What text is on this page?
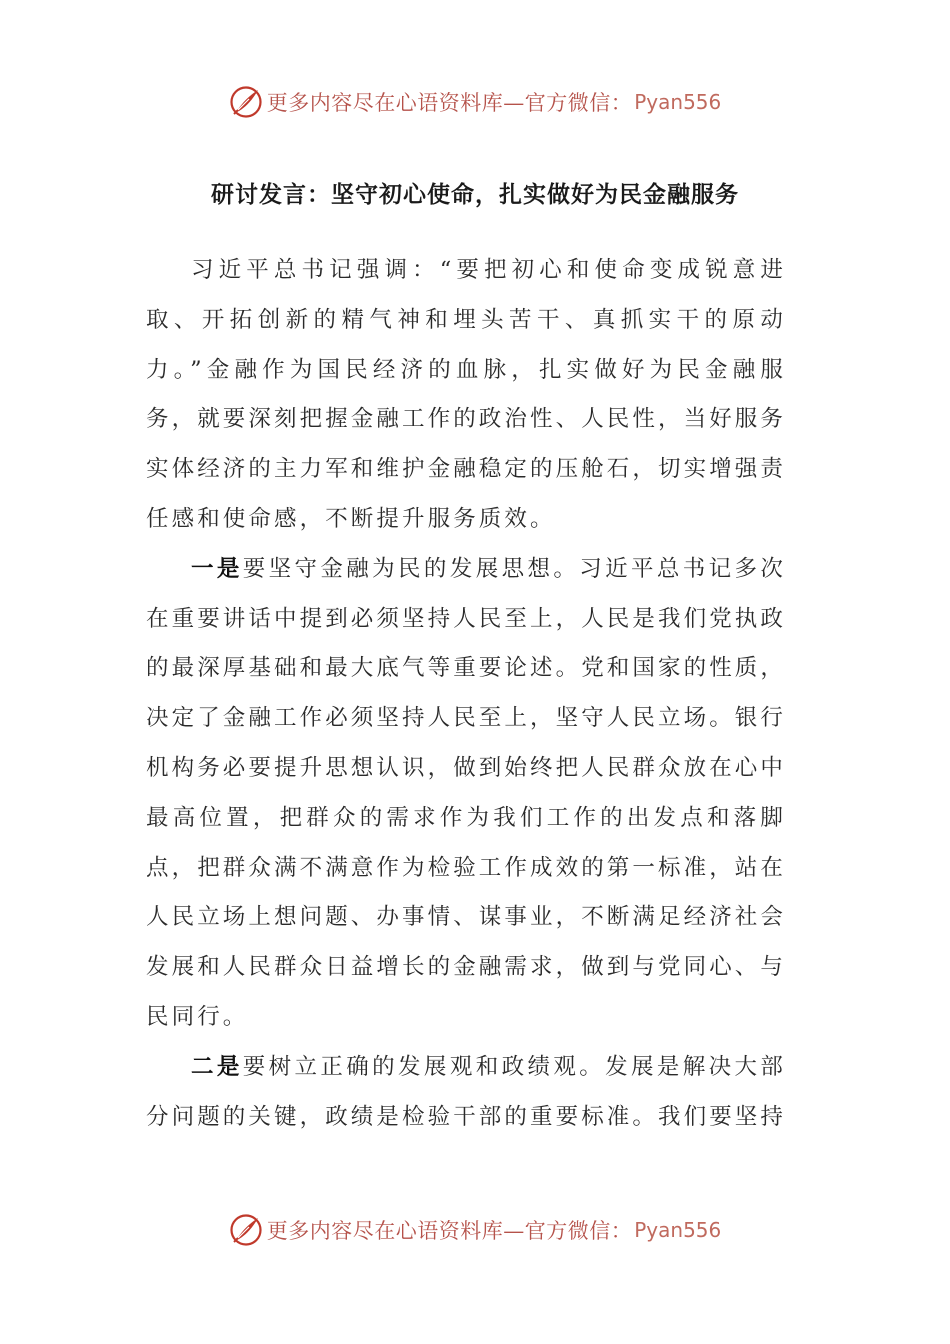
更多内容尽在心语资料库—官方微信： Pyan556
研讨发言：坚守初心使命，扎实做好为民金融服务

习近平总书记强调：“要把初心和使命变成锐意进取、开拓创新的精气神和埋头苦干、真抓实干的原动力。”金融作为国民经济的血脉，扎实做好为民金融服务，就要深刻把握金融工作的政治性、人民性，当好服务实体经济的主力军和维护金融稳定的压舱石，切实增强责任感和使命感，不断提升服务质效。

一是要坚守金融为民的发展思想。习近平总书记多次在重要讲话中提到必须坚持人民至上，人民是我们党执政的最深厚基础和最大底气等重要论述。党和国家的性质，决定了金融工作必须坚持人民至上，坚守人民立场。银行机构务必要提升思想认识，做到始终把人民群众放在心中最高位置，把群众的需求作为我们工作的出发点和落脚点，把群众满不满意作为检验工作成效的第一标准，站在人民立场上想问题、办事情、谋事业，不断满足经济社会发展和人民群众日益增长的金融需求，做到与党同心、与民同行。

二是要树立正确的发展观和政绩观。发展是解决大部分问题的关键，政绩是检验干部的重要标准。我们要坚持

更多内容尽在心语资料库—官方微信： Pyan556
